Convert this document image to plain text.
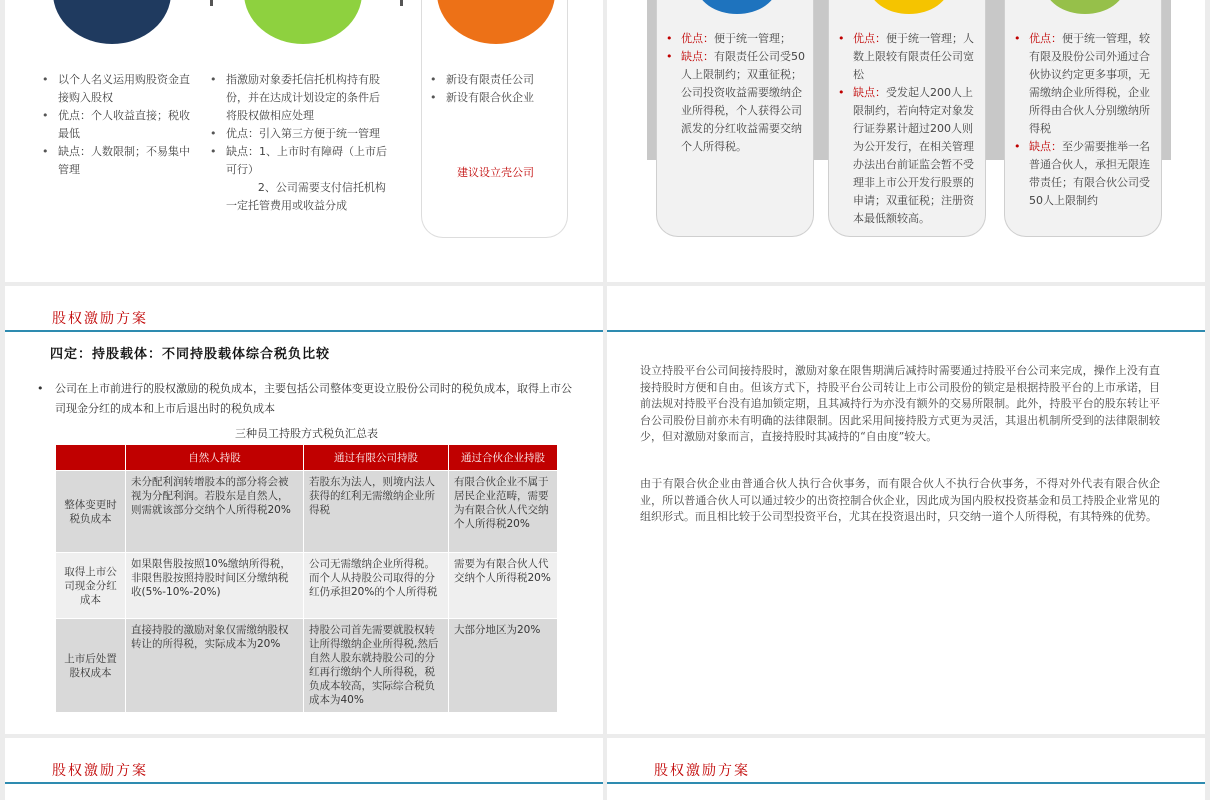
• 以个人名义运用购股资金直接购入股权
• 优点：个人收益直接；税收最低
• 缺点：人数限制；不易集中管理
• 指激励对象委托信托机构持有股份，并在达成计划设定的条件后将股权做相应处理
• 优点：引入第三方便于统一管理
• 缺点：1、上市时有障碍（上市后可行）
2、公司需要支付信托机构一定托管费用或收益分成
• 新设有限责任公司
• 新设有限合伙企业
建议设立壳公司
• 优点：便于统一管理；
• 缺点：有限责任公司受50人上限制约；双重征税；公司投资收益需要缴纳企业所得税，个人获得公司派发的分红收益需要交纳个人所得税。
• 优点：便于统一管理；人数上限较有限责任公司宽松
• 缺点：受发起人200人上限制约，若向特定对象发行证券累计超过200人则为公开发行，在相关管理办法出台前证监会暂不受理非上市公开发行股票的申请；双重征税；注册资本最低额较高。
• 优点：便于统一管理，较有限及股份公司外通过合伙协议约定更多事项，无需缴纳企业所得税，企业所得由合伙人分别缴纳所得税
• 缺点：至少需要推举一名普通合伙人，承担无限连带责任；有限合伙公司受50人上限制约
股权激励方案
四定：持股载体：不同持股载体综合税负比较
• 公司在上市前进行的股权激励的税负成本，主要包括公司整体变更设立股份公司时的税负成本，取得上市公司现金分红的成本和上市后退出时的税负成本
三种员工持股方式税负汇总表
	自然人持股	通过有限公司持股	通过合伙企业持股
整体变更时税负成本	未分配利润转增股本的部分将会被视为分配利润。若股东是自然人，则需就该部分交纳个人所得税20%	若股东为法人，则境内法人获得的红利无需缴纳企业所得税	有限合伙企业不属于居民企业范畴，需要为有限合伙人代交纳个人所得税20%
取得上市公司现金分红成本	如果限售股按照10%缴纳所得税，非限售股按照持股时间区分缴纳税收(5%-10%-20%)	公司无需缴纳企业所得税。而个人从持股公司取得的分红仍承担20%的个人所得税	需要为有限合伙人代交纳个人所得税20%
上市后处置股权成本	直接持股的激励对象仅需缴纳股权转让的所得税，实际成本为20%	持股公司首先需要就股权转让所得缴纳企业所得税,然后自然人股东就持股公司的分红再行缴纳个人所得税，税负成本较高，实际综合税负成本为40%	大部分地区为20%

设立持股平台公司间接持股时，激励对象在限售期满后减持时需要通过持股平台公司来完成，操作上没有直接持股时方便和自由。但该方式下，持股平台公司转让上市公司股份的锁定是根据持股平台的上市承诺，目前法规对持股平台没有追加锁定期，且其减持行为亦没有额外的交易所限制。此外，持股平台的股东转让平台公司股份目前亦未有明确的法律限制。因此采用间接持股方式更为灵活，其退出机制所受到的法律限制较少，但对激励对象而言，直接持股时其减持的“自由度”较大。

由于有限合伙企业由普通合伙人执行合伙事务，而有限合伙人不执行合伙事务，不得对外代表有限合伙企业，所以普通合伙人可以通过较少的出资控制合伙企业，因此成为国内股权投资基金和员工持股企业常见的组织形式。而且相比较于公司型投资平台，尤其在投资退出时，只交纳一道个人所得税，有其特殊的优势。

股权激励方案	股权激励方案
